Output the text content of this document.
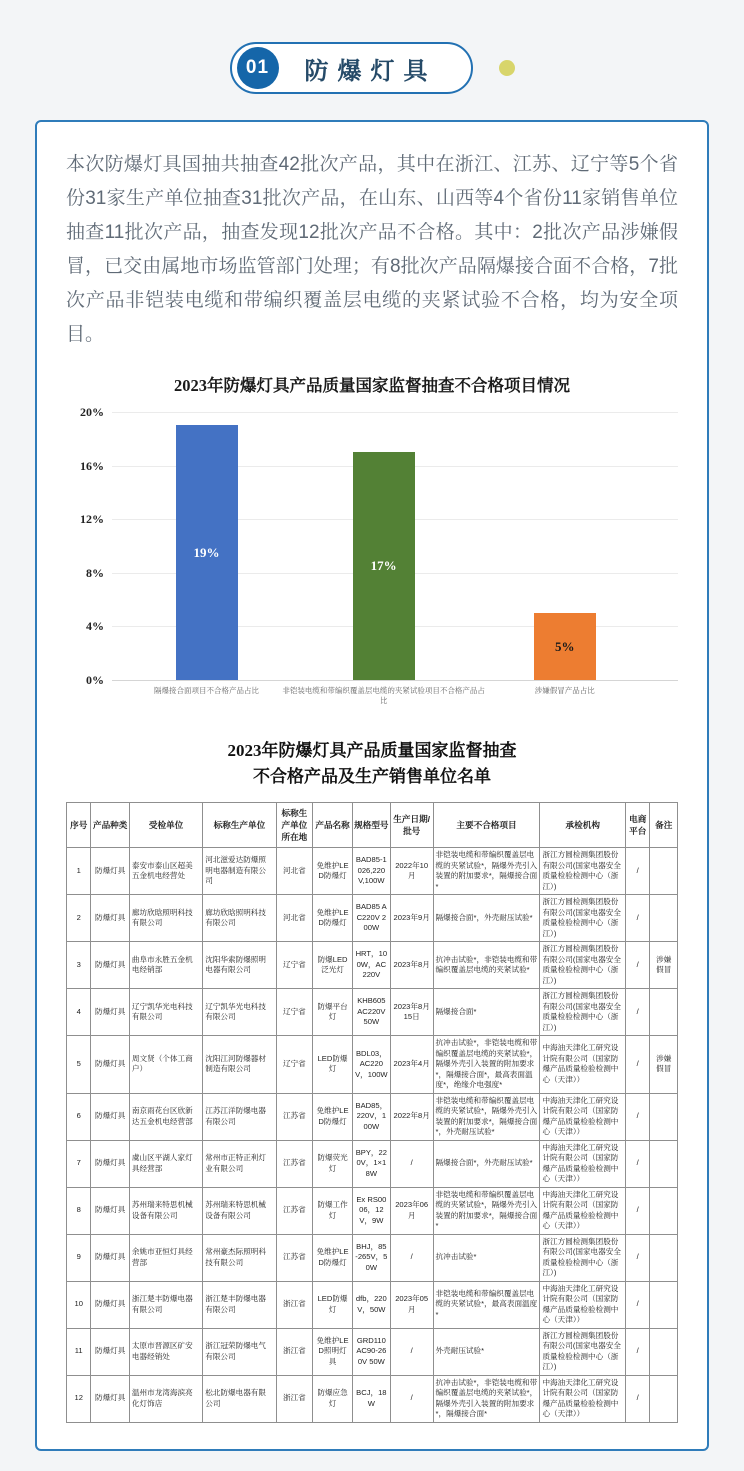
01	防爆灯具

本次防爆灯具国抽共抽查42批次产品，其中在浙江、江苏、辽宁等5个省份31家生产单位抽查31批次产品，在山东、山西等4个省份11家销售单位抽查11批次产品，抽查发现12批次产品不合格。其中：2批次产品涉嫌假冒，已交由属地市场监管部门处理；有8批次产品隔爆接合面不合格，7批次产品非铠装电缆和带编织覆盖层电缆的夹紧试验不合格，均为安全项目。

2023年防爆灯具产品质量国家监督抽查不合格项目情况
20%
16%
12%
8%
4%
0%
19%
17%
5%
隔爆接合面项目不合格产品占比	非铠装电缆和带编织覆盖层电缆的夹紧试验项目不合格产品占比
涉嫌假冒产品占比
2023年防爆灯具产品质量国家监督抽查
不合格产品及生产销售单位名单
序号	产品种类	受检单位	标称生产单位	标称生产单位所在地	产品名称	规格型号	生产日期/批号	主要不合格项目	承检机构	电商平台	备注
1	防爆灯具	泰安市泰山区超美五金机电经营处	河北滋爱达防爆照明电器制造有限公司	河北省	免维护LED防爆灯	BAD85-1026,220V,100W	2022年10月	非铠装电缆和带编织覆盖层电缆的夹紧试验*，隔爆外壳引入装置的附加要求*，隔爆接合面*	浙江方圆检测集团股份有限公司(国家电器安全质量检验检测中心（浙江）)	/	
2	防爆灯具	廊坊欣晗照明科技有限公司	廊坊欣晗照明科技有限公司	河北省	免维护LED防爆灯	BAD85 AC220V 200W	2023年9月	隔爆接合面*，外壳耐压试验*	浙江方圆检测集团股份有限公司(国家电器安全质量检验检测中心（浙江）)	/	
3	防爆灯具	曲阜市永胜五金机电经销部	沈阳华索防爆照明电器有限公司	辽宁省	防爆LED泛光灯	HRT，100W，AC220V	2023年8月	抗冲击试验*，非铠装电缆和带编织覆盖层电缆的夹紧试验*	浙江方圆检测集团股份有限公司(国家电器安全质量检验检测中心（浙江）)	/	涉嫌假冒
4	防爆灯具	辽宁凯华光电科技有限公司	辽宁凯华光电科技有限公司	辽宁省	防爆平台灯	KHB605 AC220V 50W	2023年8月15日	隔爆接合面*	浙江方圆检测集团股份有限公司(国家电器安全质量检验检测中心（浙江）)	/	
5	防爆灯具	周文贤（个体工商户）	沈阳江河防爆器材制造有限公司	辽宁省	LED防爆灯	BDL03，AC220V，100W	2023年4月	抗冲击试验*，非铠装电缆和带编织覆盖层电缆的夹紧试验*，隔爆外壳引入装置的附加要求*，隔爆接合面*，最高表面温度*，绝缘介电强度*	中海油天津化工研究设计院有限公司（国家防爆产品质量检验检测中心（天津））	/	涉嫌假冒
6	防爆灯具	南京雨花台区欣新达五金机电经营部	江苏江洋防爆电器有限公司	江苏省	免维护LED防爆灯	BAD85，220V，100W	2022年8月	非铠装电缆和带编织覆盖层电缆的夹紧试验*，隔爆外壳引入装置的附加要求*，隔爆接合面*，外壳耐压试验*	中海油天津化工研究设计院有限公司（国家防爆产品质量检验检测中心（天津））	/	
7	防爆灯具	虞山区平湖人家灯具经营部	常州市正特正利灯业有限公司	江苏省	防爆荧光灯	BPY，220V，1×18W	/	隔爆接合面*，外壳耐压试验*	中海油天津化工研究设计院有限公司（国家防爆产品质量检验检测中心（天津））	/	
8	防爆灯具	苏州瑞来特思机械设备有限公司	苏州瑞来特思机械设备有限公司	江苏省	防爆工作灯	Ex RS0006，12V，9W	2023年06月	非铠装电缆和带编织覆盖层电缆的夹紧试验*，隔爆外壳引入装置的附加要求*，隔爆接合面*	中海油天津化工研究设计院有限公司（国家防爆产品质量检验检测中心（天津））	/	
9	防爆灯具	余姚市亚恒灯具经营部	常州豪杰际照明科技有限公司	江苏省	免维护LED防爆灯	BHJ，85-265V，50W	/	抗冲击试验*	浙江方圆检测集团股份有限公司(国家电器安全质量检验检测中心（浙江）)	/	
10	防爆灯具	浙江楚丰防爆电器有限公司	浙江楚丰防爆电器有限公司	浙江省	LED防爆灯	dfb，220V，50W	2023年05月	非铠装电缆和带编织覆盖层电缆的夹紧试验*，最高表面温度*	中海油天津化工研究设计院有限公司（国家防爆产品质量检验检测中心（天津））	/	
11	防爆灯具	太原市晋源区矿安电器经销处	浙江冠荣防爆电气有限公司	浙江省	免维护LED照明灯具	GRD110 AC90-260V 50W	/	外壳耐压试验*	浙江方圆检测集团股份有限公司(国家电器安全质量检验检测中心（浙江）)	/	
12	防爆灯具	温州市龙湾海滨亮化灯饰店	松北防爆电器有限公司	浙江省	防爆应急灯	BCJ，18W	/	抗冲击试验*，非铠装电缆和带编织覆盖层电缆的夹紧试验*，隔爆外壳引入装置的附加要求*，隔爆接合面*	中海油天津化工研究设计院有限公司（国家防爆产品质量检验检测中心（天津））	/	
